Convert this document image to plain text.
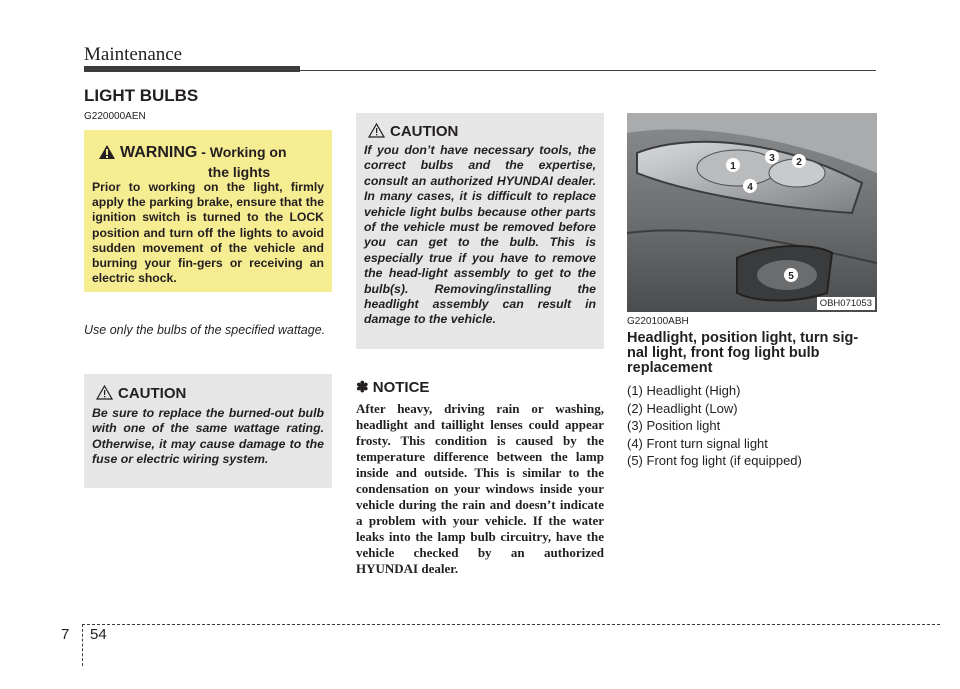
Maintenance
LIGHT BULBS
G220000AEN
WARNING - Working on
the lights
Prior to working on the light, firmly apply the parking brake, ensure that the ignition switch is turned to the LOCK position and turn off the lights to avoid sudden movement of the vehicle and burning your fin-gers or receiving an electric shock.
Use only the bulbs of the specified wattage.
CAUTION
Be sure to replace the burned-out bulb with one of the same wattage rating. Otherwise, it may cause damage to the fuse or electric wiring system.
CAUTION
If you don’t have necessary tools, the correct bulbs and the expertise, consult an authorized HYUNDAI dealer. In many cases, it is difficult to replace vehicle light bulbs because other parts of the vehicle must be removed before you can get to the bulb. This is especially true if you have to remove the head-light assembly to get to the bulb(s). Removing/installing the headlight assembly can result in damage to the vehicle.
✽ NOTICE
After heavy, driving rain or washing, headlight and taillight lenses could appear frosty. This condition is caused by the temperature difference between the lamp inside and outside. This is similar to the condensation on your windows inside your vehicle during the rain and doesn’t indicate a problem with your vehicle. If the water leaks into the lamp bulb circuitry, have the vehicle checked by an authorized HYUNDAI dealer.
1
3 2
4
5
OBH071053
G220100ABH
Headlight, position light, turn sig-nal light, front fog light bulb replacement
(1) Headlight (High)
(2) Headlight (Low)
(3) Position light
(4) Front turn signal light
(5) Front fog light (if equipped)
7 54
